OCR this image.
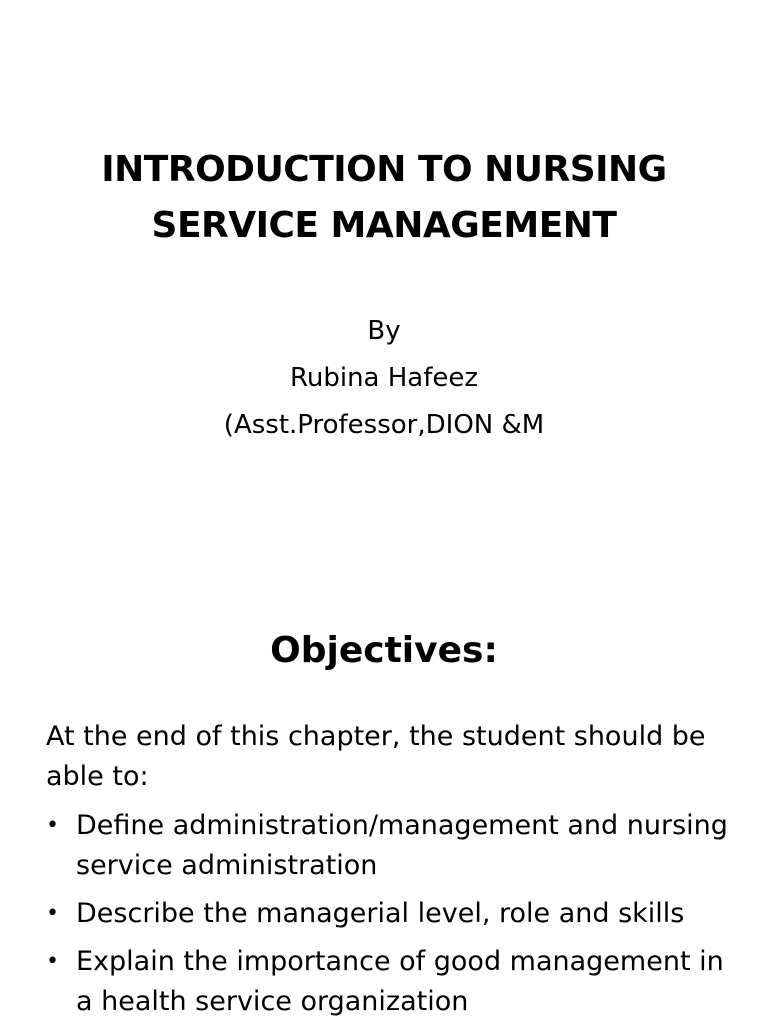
INTRODUCTION TO NURSING
SERVICE MANAGEMENT
By
Rubina Hafeez
(Asst.Professor,DION &M
Objectives:
At the end of this chapter, the student should be able to:
• Define administration/management and nursing service administration
• Describe the managerial level, role and skills
• Explain the importance of good management in a health service organization
